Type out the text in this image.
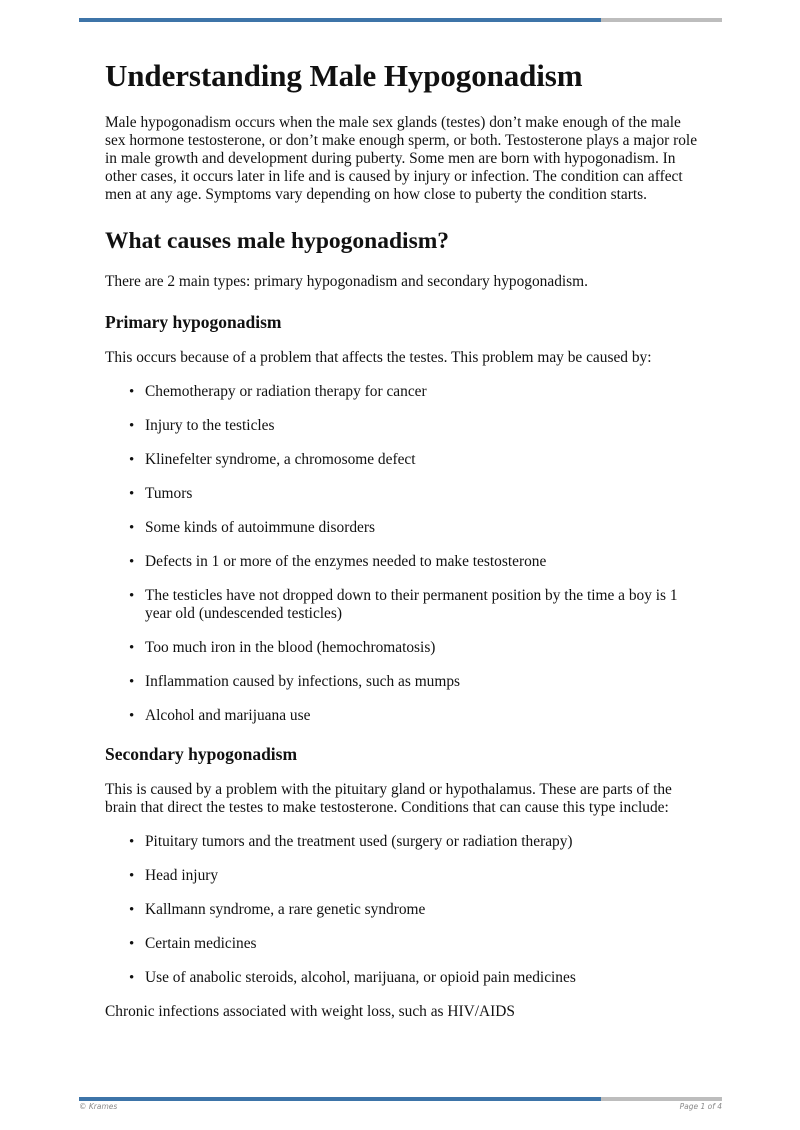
Understanding Male Hypogonadism

Male hypogonadism occurs when the male sex glands (testes) don’t make enough of the male sex hormone testosterone, or don’t make enough sperm, or both. Testosterone plays a major role in male growth and development during puberty. Some men are born with hypogonadism. In other cases, it occurs later in life and is caused by injury or infection. The condition can affect men at any age. Symptoms vary depending on how close to puberty the condition starts.

What causes male hypogonadism?

There are 2 main types: primary hypogonadism and secondary hypogonadism.

Primary hypogonadism

This occurs because of a problem that affects the testes. This problem may be caused by:

• Chemotherapy or radiation therapy for cancer
• Injury to the testicles
• Klinefelter syndrome, a chromosome defect
• Tumors
• Some kinds of autoimmune disorders
• Defects in 1 or more of the enzymes needed to make testosterone
• The testicles have not dropped down to their permanent position by the time a boy is 1 year old (undescended testicles)
• Too much iron in the blood (hemochromatosis)
• Inflammation caused by infections, such as mumps
• Alcohol and marijuana use
Secondary hypogonadism

This is caused by a problem with the pituitary gland or hypothalamus. These are parts of the brain that direct the testes to make testosterone. Conditions that can cause this type include:

• Pituitary tumors and the treatment used (surgery or radiation therapy)
• Head injury
• Kallmann syndrome, a rare genetic syndrome
• Certain medicines
• Use of anabolic steroids, alcohol, marijuana, or opioid pain medicines

Chronic infections associated with weight loss, such as HIV/AIDS

© Krames	Page 1 of 4
